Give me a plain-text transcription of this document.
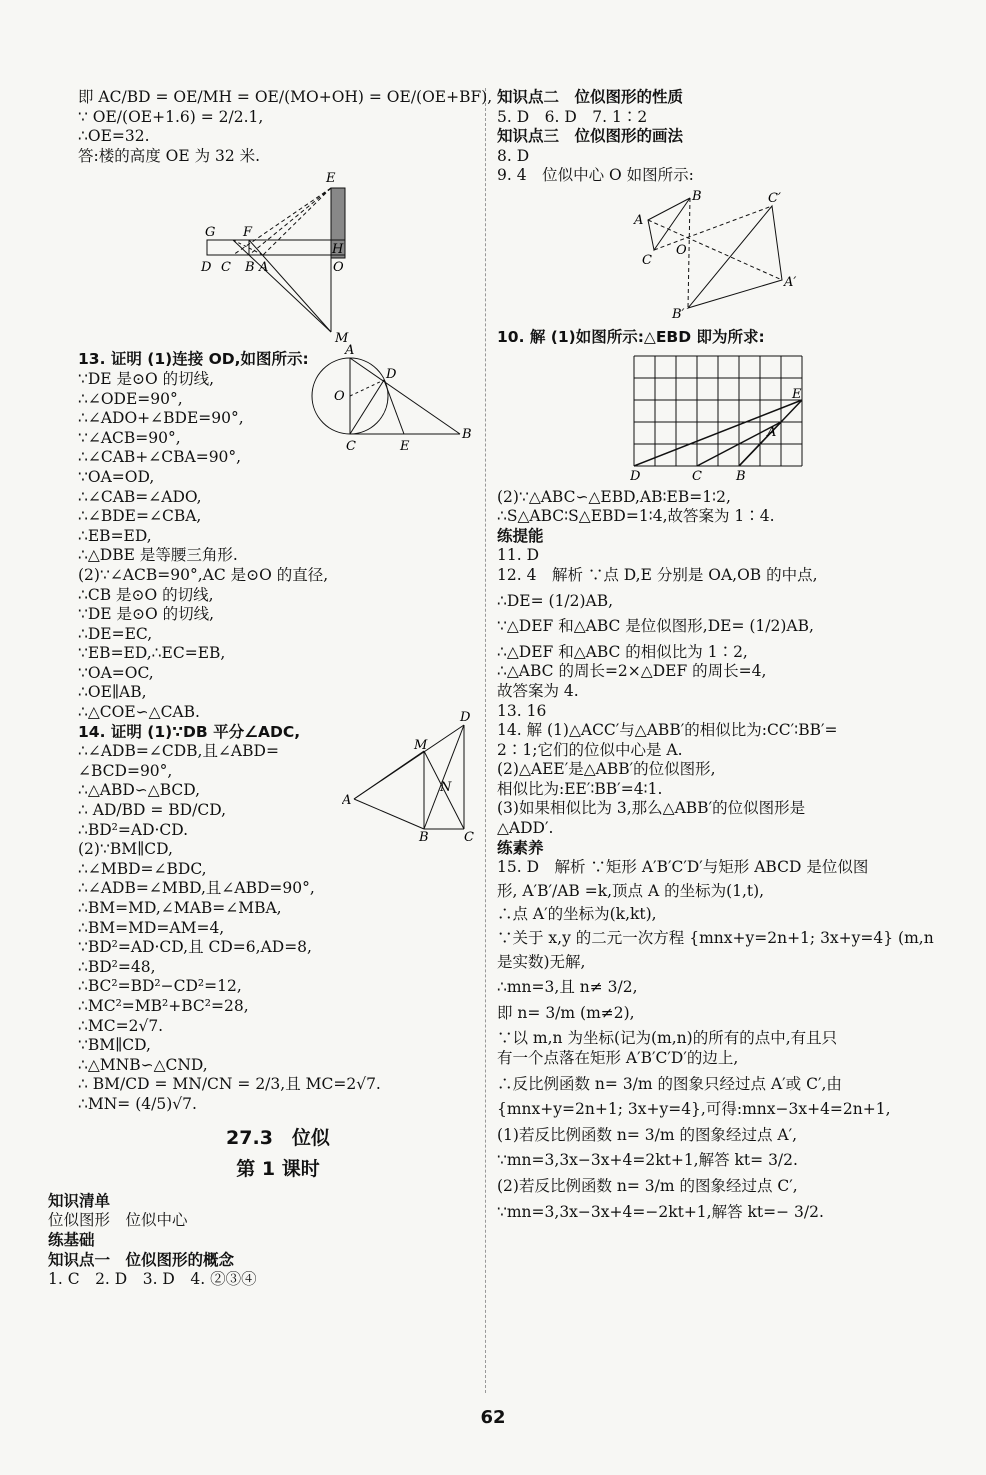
即 AC/BD = OE/MH = OE/(MO+OH) = OE/(OE+BF),
∵ OE/(OE+1.6) = 2/2.1,
∴OE=32.
答:楼的高度 OE 为 32 米.
E
G F
H
D C B A	O
M
13. 证明 (1)连接 OD,如图所示:
∵DE 是⊙O 的切线,
∴∠ODE=90°,
∴∠ADO+∠BDE=90°,
∵∠ACB=90°,
∴∠CAB+∠CBA=90°,
∵OA=OD,
∴∠CAB=∠ADO,
∴∠BDE=∠CBA,
∴EB=ED,
∴△DBE 是等腰三角形.
(2)∵∠ACB=90°,AC 是⊙O 的直径,
∴CB 是⊙O 的切线,
∵DE 是⊙O 的切线,
∴DE=EC,
∵EB=ED,∴EC=EB,
∵OA=OC,
∴OE∥AB,
∴△COE∽△CAB.
A
D
O
C	E
B
14. 证明 (1)∵DB 平分∠ADC,
∴∠ADB=∠CDB,且∠ABD=
∠BCD=90°,
∴△ABD∽△BCD,
∴ AD/BD = BD/CD,
∴BD²=AD·CD.
(2)∵BM∥CD,
∴∠MBD=∠BDC,
∴∠ADB=∠MBD,且∠ABD=90°,
∴BM=MD,∠MAB=∠MBA,
∴BM=MD=AM=4,
∵BD²=AD·CD,且 CD=6,AD=8,
∴BD²=48,
∴BC²=BD²−CD²=12,
∴MC²=MB²+BC²=28,
∴MC=2√7.
∵BM∥CD,
∴△MNB∽△CND,
∴ BM/CD = MN/CN = 2/3,且 MC=2√7.
∴MN= (4/5)√7.
D
M
N
A
B	C
27.3　位似
第 1 课时
知识清单
位似图形　位似中心
练基础
知识点一　位似图形的概念
1. C　2. D　3. D　4. ②③④
知识点二　位似图形的性质
5. D　6. D　7. 1∶2
知识点三　位似图形的画法
8. D
9. 4　位似中心 O 如图所示:
A
B
C
O
C′
A′
B′
10. 解 (1)如图所示:△EBD 即为所求:
D	C	B
A
E
(2)∵△ABC∽△EBD,AB∶EB=1∶2,
∴S△ABC∶S△EBD=1∶4,故答案为 1∶4.
练提能
11. D
12. 4　解析 ∵点 D,E 分别是 OA,OB 的中点,
∴DE= (1/2)AB,
∵△DEF 和△ABC 是位似图形,DE= (1/2)AB,
∴△DEF 和△ABC 的相似比为 1∶2,
∴△ABC 的周长=2×△DEF 的周长=4,
故答案为 4.
13. 16
14. 解 (1)△ACC′与△ABB′的相似比为:CC′∶BB′=
2∶1;它们的位似中心是 A.
(2)△AEE′是△ABB′的位似图形,
相似比为:EE′∶BB′=4∶1.
(3)如果相似比为 3,那么△ABB′的位似图形是
△ADD′.
练素养
15. D　解析 ∵矩形 A′B′C′D′与矩形 ABCD 是位似图
形, A′B′/AB =k,顶点 A 的坐标为(1,t),
∴点 A′的坐标为(k,kt),
∵关于 x,y 的二元一次方程 {mnx+y=2n+1; 3x+y=4} (m,n
是实数)无解,
∴mn=3,且 n≠ 3/2,
即 n= 3/m (m≠2),
∵以 m,n 为坐标(记为(m,n)的所有的点中,有且只
有一个点落在矩形 A′B′C′D′的边上,
∴反比例函数 n= 3/m 的图象只经过点 A′或 C′,由
{mnx+y=2n+1; 3x+y=4},可得:mnx−3x+4=2n+1,
(1)若反比例函数 n= 3/m 的图象经过点 A′,
∵mn=3,3x−3x+4=2kt+1,解答 kt= 3/2.
(2)若反比例函数 n= 3/m 的图象经过点 C′,
∵mn=3,3x−3x+4=−2kt+1,解答 kt=− 3/2.
62
